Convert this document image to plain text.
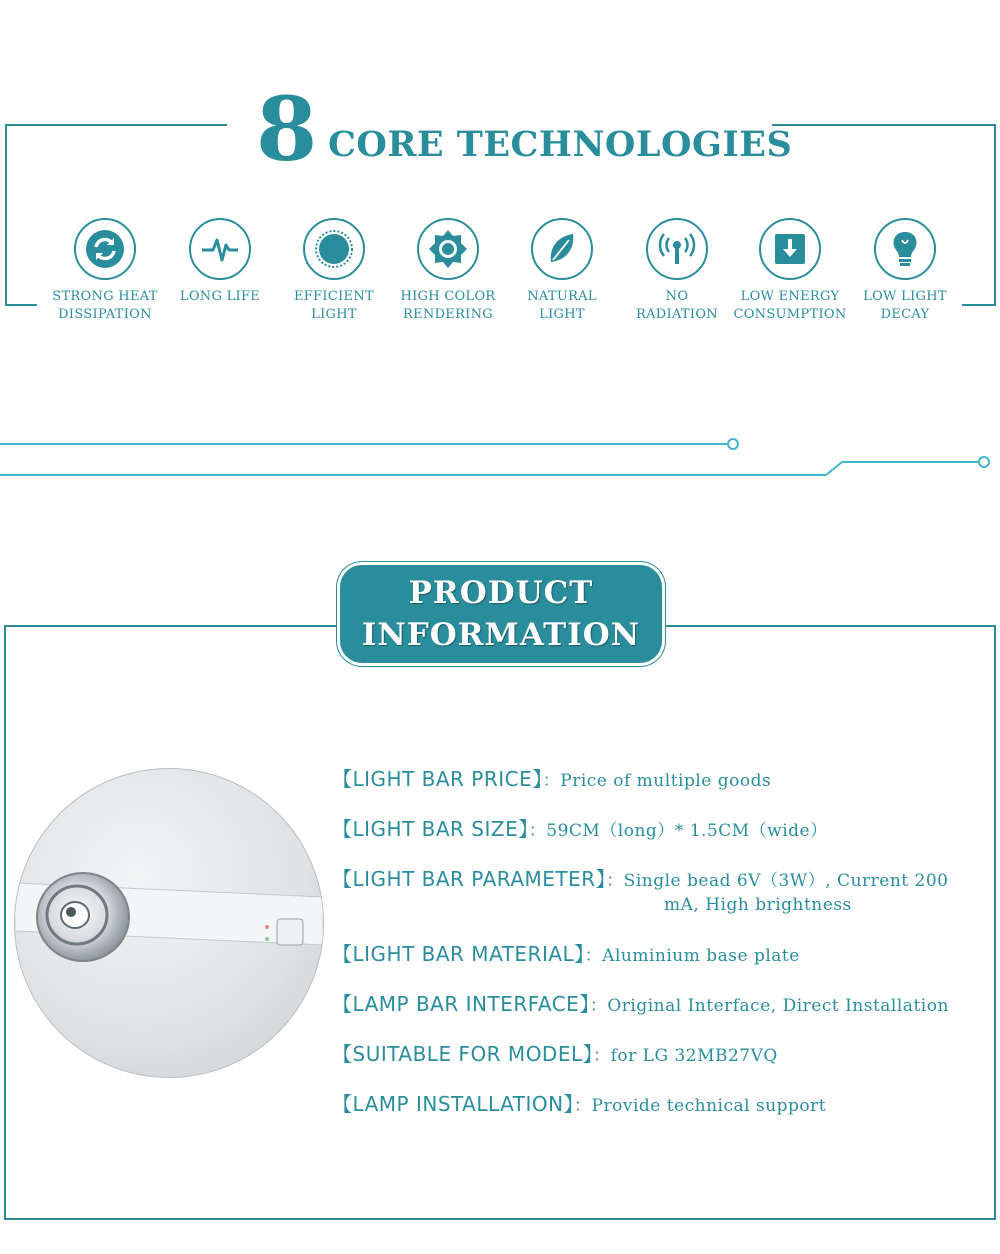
8 CORE TECHNOLOGIES
STRONG HEAT
DISSIPATION
LONG LIFE	EFFICIENT
LIGHT
HIGH COLOR
RENDERING
NATURAL
LIGHT
NO
RADIATION
LOW ENERGY
CONSUMPTION
LOW LIGHT
DECAY
PRODUCT
INFORMATION
【LIGHT BAR PRICE】：Price of multiple goods
【LIGHT BAR SIZE】：59CM（long）* 1.5CM（wide）
【LIGHT BAR PARAMETER】：Single bead 6V（3W）, Current 200
mA, High brightness
【LIGHT BAR MATERIAL】：Aluminium base plate
【LAMP BAR INTERFACE】：Original Interface, Direct Installation
【SUITABLE FOR MODEL】：for LG 32MB27VQ
【LAMP INSTALLATION】：Provide technical support
